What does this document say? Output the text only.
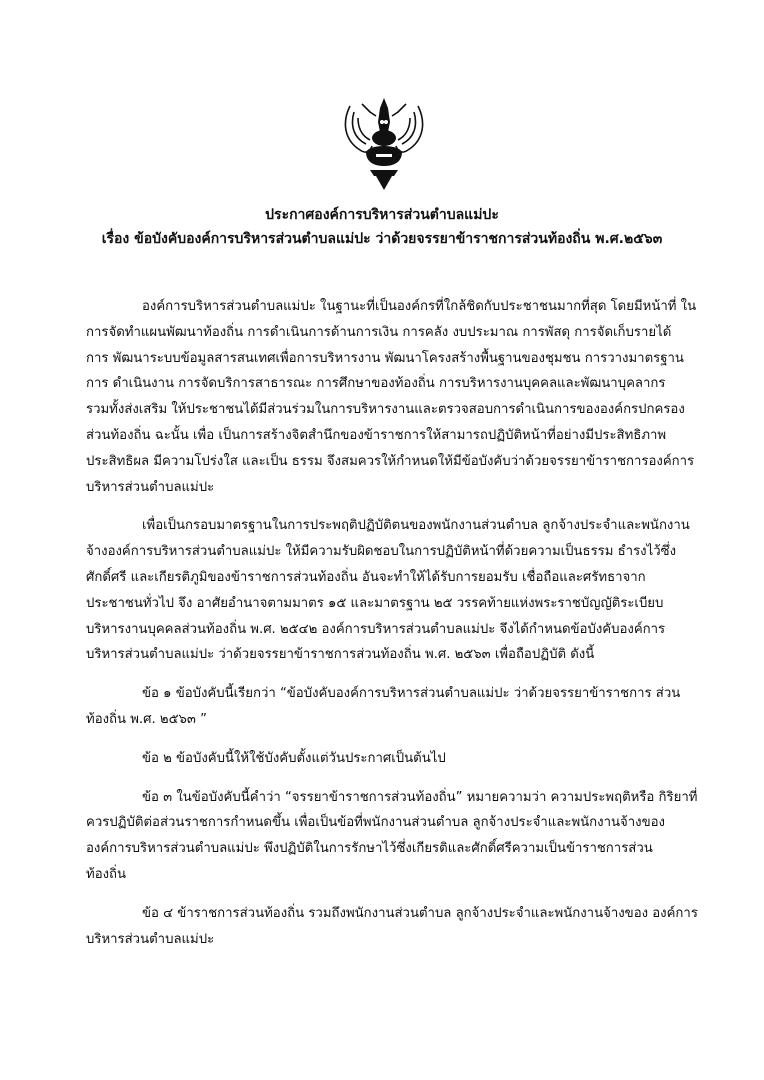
ประกาศองค์การบริหารส่วนตำบลแม่ปะ
เรื่อง ข้อบังคับองค์การบริหารส่วนตำบลแม่ปะ ว่าด้วยจรรยาข้าราชการส่วนท้องถิ่น พ.ศ.๒๕๖๓
องค์การบริหารส่วนตำบลแม่ปะ ในฐานะที่เป็นองค์กรที่ใกล้ชิดกับประชาชนมากที่สุด โดยมีหน้าที่ ใน
การจัดทำแผนพัฒนาท้องถิ่น การดำเนินการด้านการเงิน การคลัง งบประมาณ การพัสดุ การจัดเก็บรายได้
การ พัฒนาระบบข้อมูลสารสนเทศเพื่อการบริหารงาน พัฒนาโครงสร้างพื้นฐานของชุมชน การวางมาตรฐาน
การ ดำเนินงาน การจัดบริการสาธารณะ การศึกษาของท้องถิ่น การบริหารงานบุคคลและพัฒนาบุคลากร
รวมทั้งส่งเสริม ให้ประชาชนได้มีส่วนร่วมในการบริหารงานและตรวจสอบการดำเนินการขององค์กรปกครอง
ส่วนท้องถิ่น ฉะนั้น เพื่อ เป็นการสร้างจิตสำนึกของข้าราชการให้สามารถปฏิบัติหน้าที่อย่างมีประสิทธิภาพ
ประสิทธิผล มีความโปร่งใส และเป็น ธรรม จึงสมควรให้กำหนดให้มีข้อบังคับว่าด้วยจรรยาข้าราชการองค์การ
บริหารส่วนตำบลแม่ปะ
เพื่อเป็นกรอบมาตรฐานในการประพฤติปฏิบัติตนของพนักงานส่วนตำบล ลูกจ้างประจำและพนักงาน
จ้างองค์การบริหารส่วนตำบลแม่ปะ ให้มีความรับผิดชอบในการปฏิบัติหน้าที่ด้วยความเป็นธรรม ธำรงไว้ซึ่ง
ศักดิ์ศรี และเกียรติภูมิของข้าราชการส่วนท้องถิ่น อันจะทำให้ได้รับการยอมรับ เชื่อถือและศรัทธาจาก
ประชาชนทั่วไป จึง อาศัยอำนาจตามมาตร ๑๕ และมาตรฐาน ๒๕ วรรคท้ายแห่งพระราชบัญญัติระเบียบ
บริหารงานบุคคลส่วนท้องถิ่น พ.ศ. ๒๕๔๒ องค์การบริหารส่วนตำบลแม่ปะ จึงได้กำหนดข้อบังคับองค์การ
บริหารส่วนตำบลแม่ปะ ว่าด้วยจรรยาข้าราชการส่วนท้องถิ่น พ.ศ. ๒๕๖๓ เพื่อถือปฏิบัติ ดังนี้
ข้อ ๑ ข้อบังคับนี้เรียกว่า “ข้อบังคับองค์การบริหารส่วนตำบลแม่ปะ ว่าด้วยจรรยาข้าราชการ ส่วน
ท้องถิ่น พ.ศ. ๒๕๖๓ ”
ข้อ ๒ ข้อบังคับนี้ให้ใช้บังคับตั้งแต่วันประกาศเป็นต้นไป
ข้อ ๓ ในข้อบังคับนี้คำว่า “จรรยาข้าราชการส่วนท้องถิ่น” หมายความว่า ความประพฤติหรือ กิริยาที่
ควรปฏิบัติต่อส่วนราชการกำหนดขึ้น เพื่อเป็นข้อที่พนักงานส่วนตำบล ลูกจ้างประจำและพนักงานจ้างของ
องค์การบริหารส่วนตำบลแม่ปะ พึงปฏิบัติในการรักษาไว้ซึ่งเกียรติและศักดิ์ศรีความเป็นข้าราชการส่วน
ท้องถิ่น
ข้อ ๔ ข้าราชการส่วนท้องถิ่น รวมถึงพนักงานส่วนตำบล ลูกจ้างประจำและพนักงานจ้างของ องค์การ
บริหารส่วนตำบลแม่ปะ
